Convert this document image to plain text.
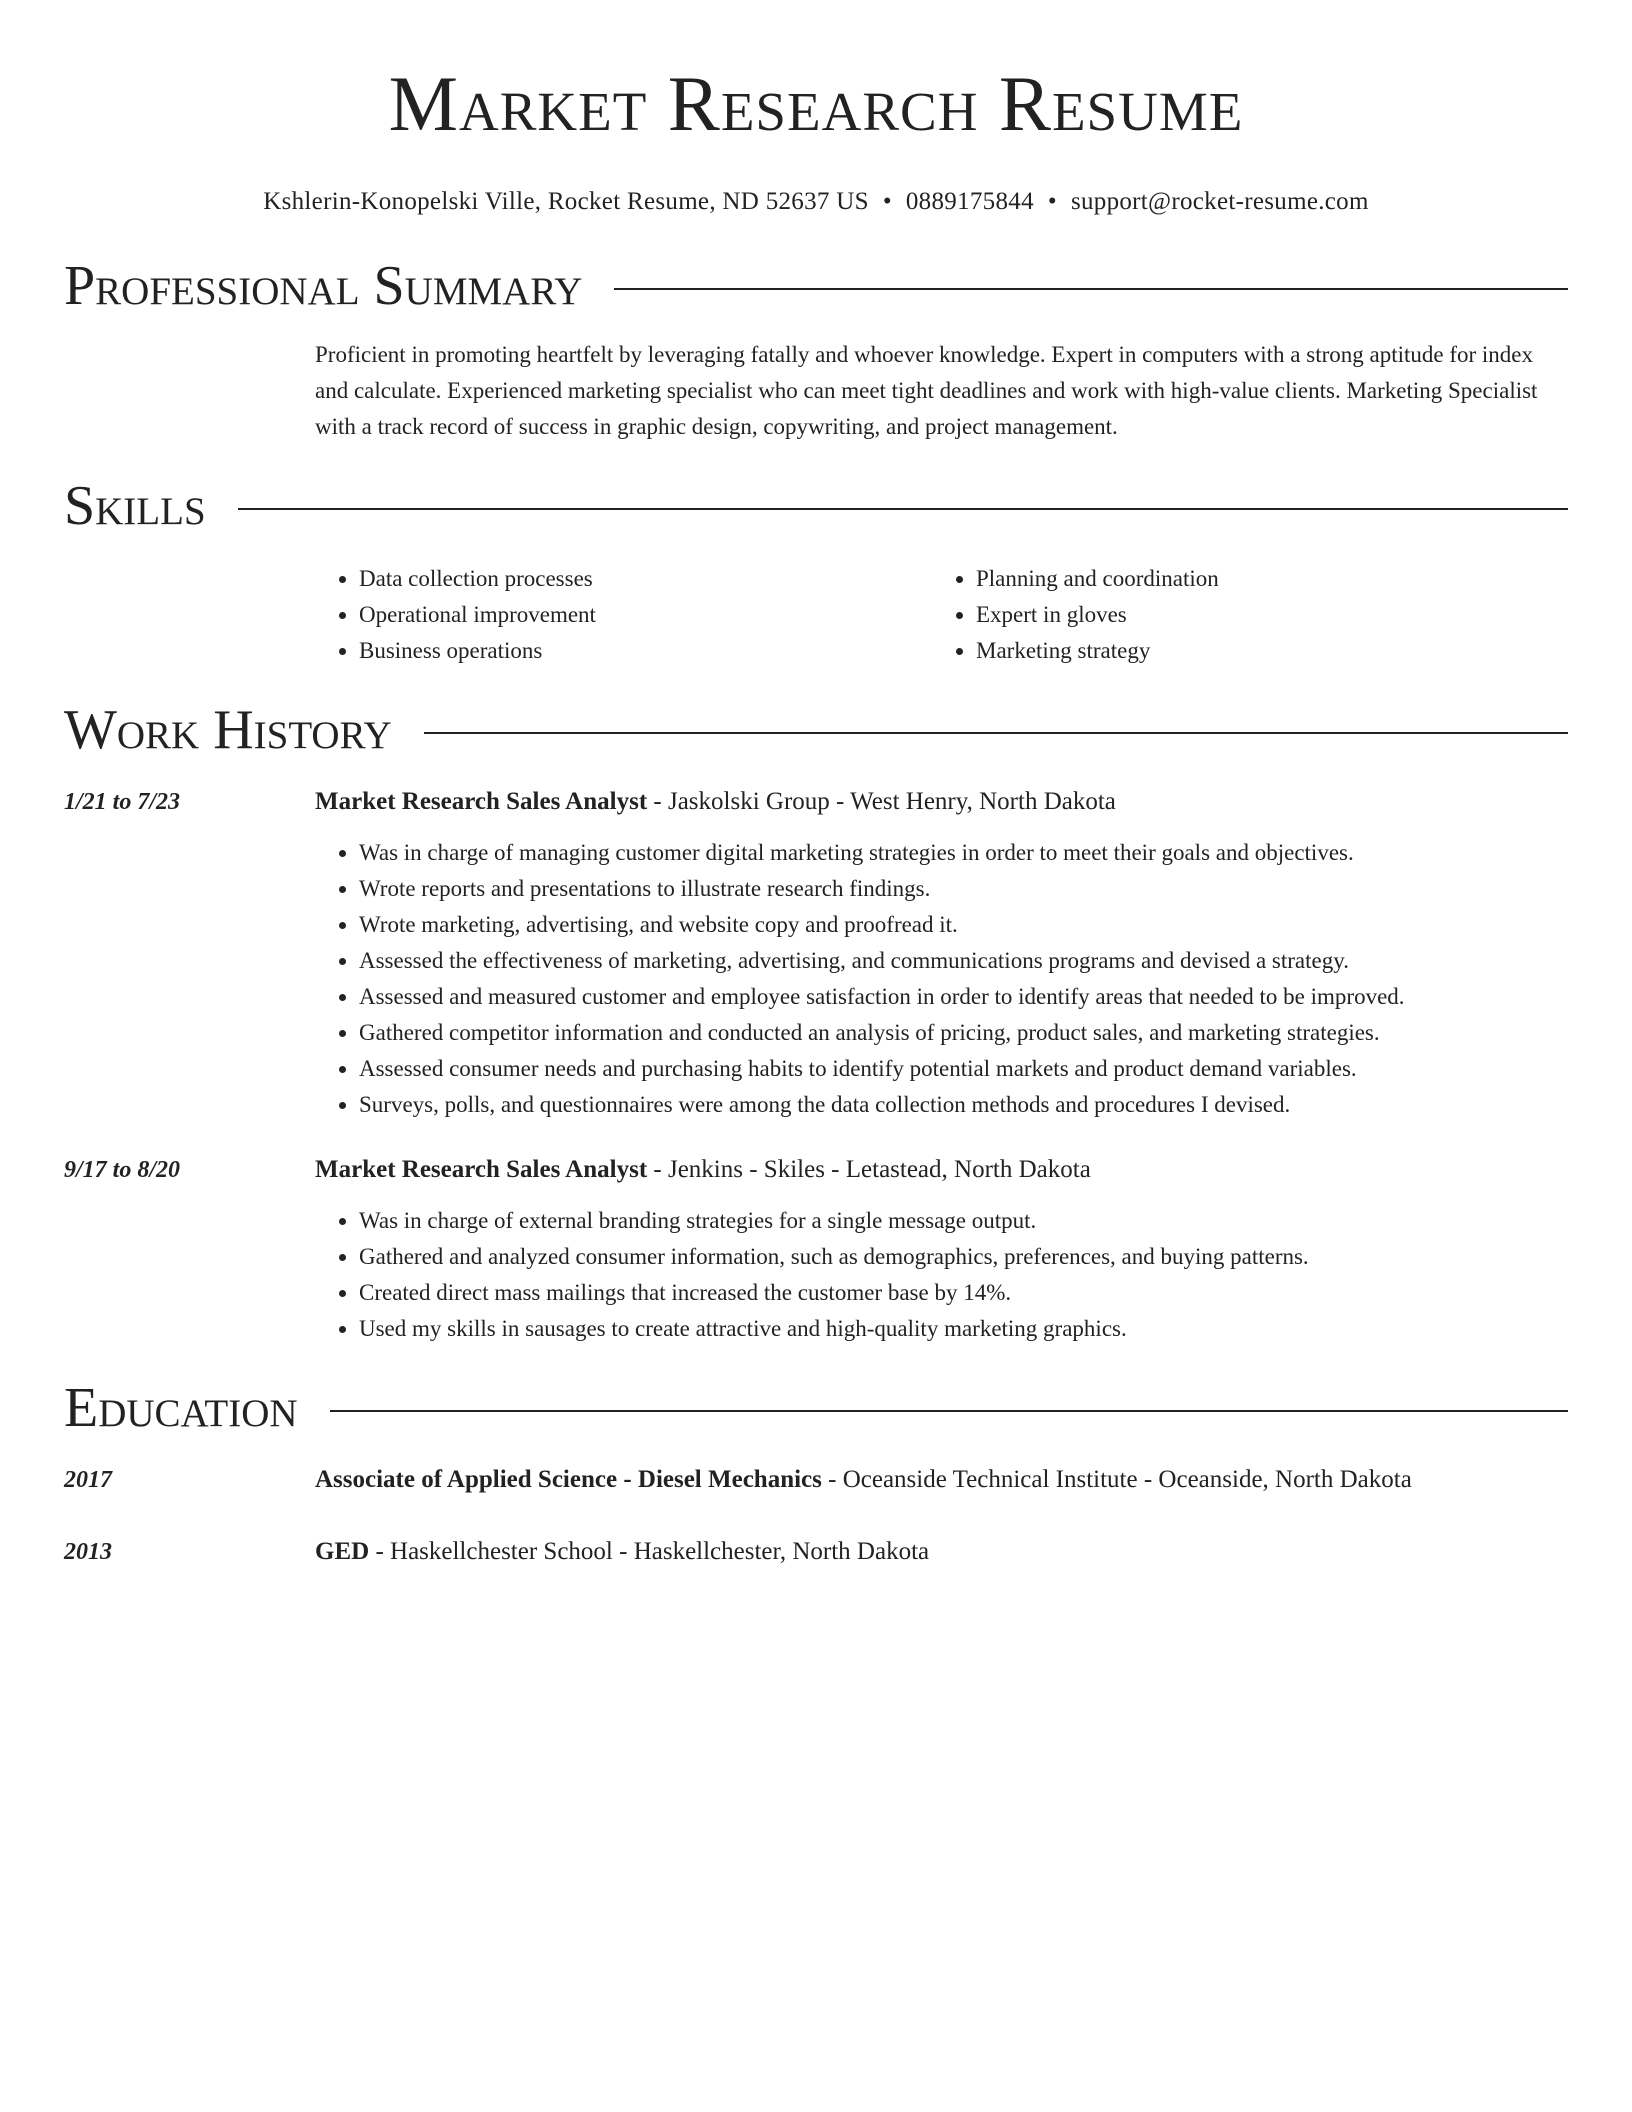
Market Research Resume
Kshlerin-Konopelski Ville, Rocket Resume, ND 52637 US • 0889175844 • support@rocket-resume.com
Professional Summary
Proficient in promoting heartfelt by leveraging fatally and whoever knowledge. Expert in computers with a strong aptitude for index and calculate. Experienced marketing specialist who can meet tight deadlines and work with high-value clients. Marketing Specialist with a track record of success in graphic design, copywriting, and project management.
Skills
• Data collection processes
• Operational improvement
• Business operations
• Planning and coordination
• Expert in gloves
• Marketing strategy
Work History
1/21 to 7/23	Market Research Sales Analyst - Jaskolski Group - West Henry, North Dakota
• Was in charge of managing customer digital marketing strategies in order to meet their goals and objectives.
• Wrote reports and presentations to illustrate research findings.
• Wrote marketing, advertising, and website copy and proofread it.
• Assessed the effectiveness of marketing, advertising, and communications programs and devised a strategy.
• Assessed and measured customer and employee satisfaction in order to identify areas that needed to be improved.
• Gathered competitor information and conducted an analysis of pricing, product sales, and marketing strategies.
• Assessed consumer needs and purchasing habits to identify potential markets and product demand variables.
• Surveys, polls, and questionnaires were among the data collection methods and procedures I devised.
9/17 to 8/20	Market Research Sales Analyst - Jenkins - Skiles - Letastead, North Dakota
• Was in charge of external branding strategies for a single message output.
• Gathered and analyzed consumer information, such as demographics, preferences, and buying patterns.
• Created direct mass mailings that increased the customer base by 14%.
• Used my skills in sausages to create attractive and high-quality marketing graphics.
Education
2017	Associate of Applied Science - Diesel Mechanics - Oceanside Technical Institute - Oceanside, North Dakota
2013	GED - Haskellchester School - Haskellchester, North Dakota
